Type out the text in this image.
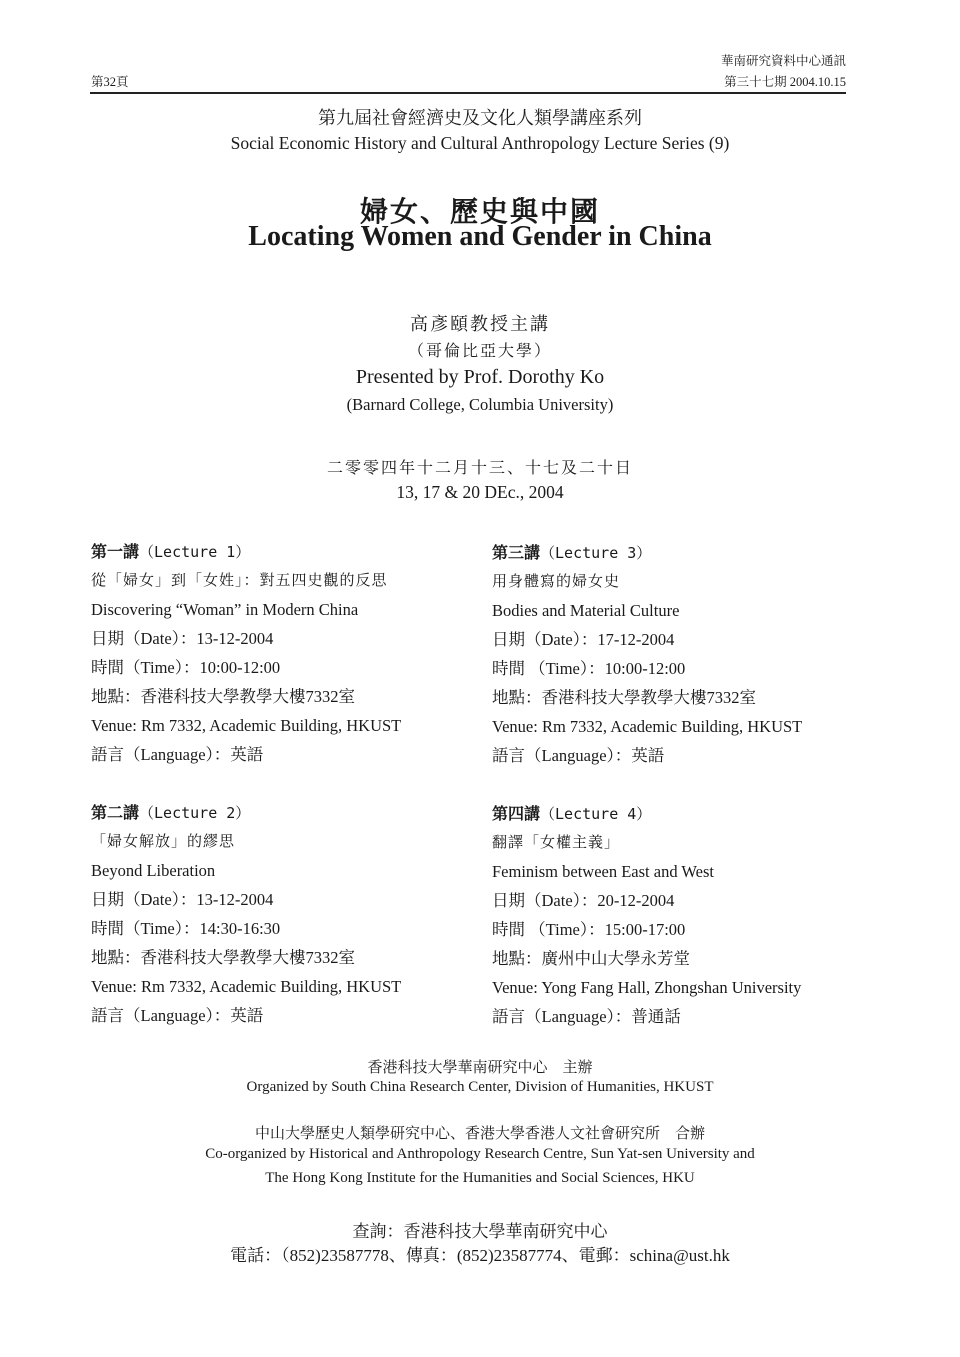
華南研究資料中心通訊
第32頁	第三十七期 2004.10.15
第九屆社會經濟史及文化人類學講座系列
Social Economic History and Cultural Anthropology Lecture Series (9)
婦女、歷史與中國
Locating Women and Gender in China
高彥頤教授主講
（哥倫比亞大學）
Presented by Prof. Dorothy Ko
(Barnard College, Columbia University)
二零零四年十二月十三、十七及二十日
13, 17 & 20 DEc., 2004
第一講（Lecture 1）
從「婦女」到「女姓」：對五四史觀的反思
Discovering “Woman” in Modern China
日期（Date）：13-12-2004
時間（Time）：10:00-12:00
地點：香港科技大學教學大樓7332室
Venue: Rm 7332, Academic Building, HKUST
語言（Language）：英語
第三講（Lecture 3）
用身體寫的婦女史
Bodies and Material Culture
日期（Date）：17-12-2004
時間 （Time）：10:00-12:00
地點：香港科技大學教學大樓7332室
Venue: Rm 7332, Academic Building, HKUST
語言（Language）：英語
第二講（Lecture 2）
「婦女解放」的繆思
Beyond Liberation
日期（Date）：13-12-2004
時間（Time）：14:30-16:30
地點：香港科技大學教學大樓7332室
Venue: Rm 7332, Academic Building, HKUST
語言（Language）：英語
第四講（Lecture 4）
翻譯「女權主義」
Feminism between East and West
日期（Date）：20-12-2004
時間 （Time）：15:00-17:00
地點：廣州中山大學永芳堂
Venue: Yong Fang Hall, Zhongshan University
語言（Language）：普通話
香港科技大學華南研究中心　主辦
Organized by South China Research Center, Division of Humanities, HKUST
中山大學歷史人類學研究中心、香港大學香港人文社會研究所　合辦
Co-organized by Historical and Anthropology Research Centre, Sun Yat-sen University and
The Hong Kong Institute for the Humanities and Social Sciences, HKU
查詢：香港科技大學華南研究中心
電話：（852)23587778、傳真：(852)23587774、電郵：schina@ust.hk
